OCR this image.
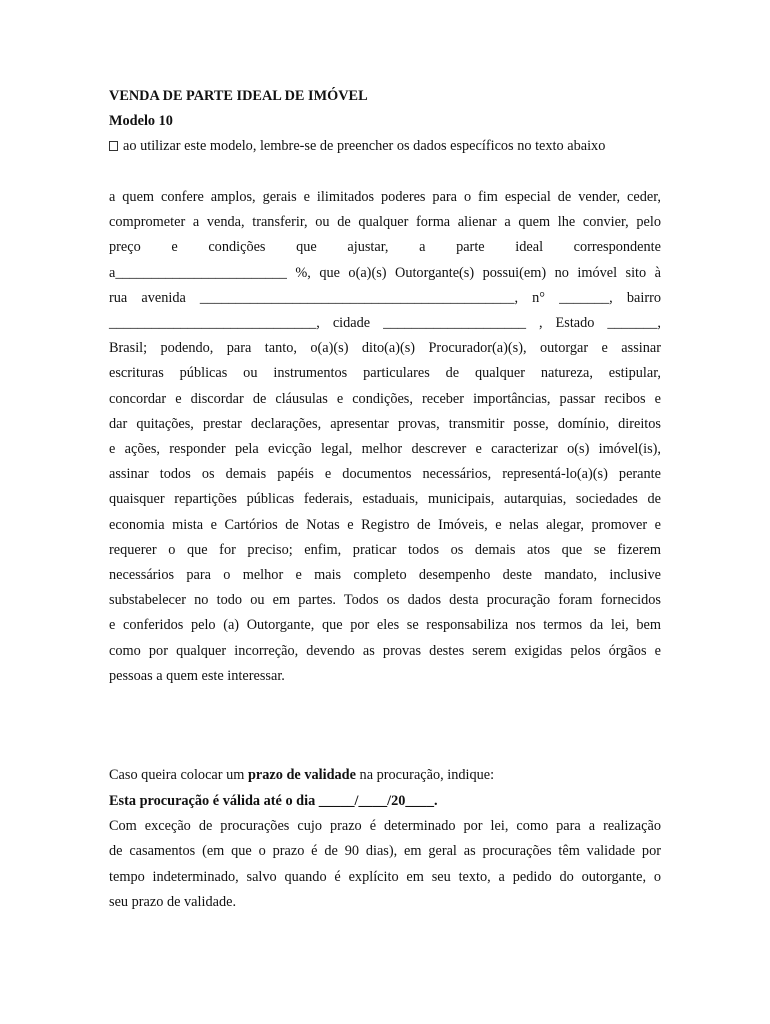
VENDA DE PARTE IDEAL DE IMÓVEL
Modelo 10
ao utilizar este modelo, lembre-se de preencher os dados específicos no texto abaixo
a quem confere amplos, gerais e ilimitados poderes para o fim especial de vender, ceder,
comprometer a venda, transferir, ou de qualquer forma alienar a quem lhe convier, pelo
preço e condições que ajustar, a parte ideal correspondente
a________________________ %, que o(a)(s) Outorgante(s) possui(em) no imóvel sito à
rua avenida ____________________________________________, n° _______, bairro
_____________________________, cidade ____________________ , Estado _______,
Brasil; podendo, para tanto, o(a)(s) dito(a)(s) Procurador(a)(s), outorgar e assinar
escrituras públicas ou instrumentos particulares de qualquer natureza, estipular,
concordar e discordar de cláusulas e condições, receber importâncias, passar recibos e
dar quitações, prestar declarações, apresentar provas, transmitir posse, domínio, direitos
e ações, responder pela evicção legal, melhor descrever e caracterizar o(s) imóvel(is),
assinar todos os demais papéis e documentos necessários, representá-lo(a)(s) perante
quaisquer repartições públicas federais, estaduais, municipais, autarquias, sociedades de
economia mista e Cartórios de Notas e Registro de Imóveis, e nelas alegar, promover e
requerer o que for preciso; enfim, praticar todos os demais atos que se fizerem
necessários para o melhor e mais completo desempenho deste mandato, inclusive
substabelecer no todo ou em partes. Todos os dados desta procuração foram fornecidos
e conferidos pelo (a) Outorgante, que por eles se responsabiliza nos termos da lei, bem
como por qualquer incorreção, devendo as provas destes serem exigidas pelos órgãos e
pessoas a quem este interessar.
Caso queira colocar um prazo de validade na procuração, indique:
Esta procuração é válida até o dia _____/____/20____.
Com exceção de procurações cujo prazo é determinado por lei, como para a realização
de casamentos (em que o prazo é de 90 dias), em geral as procurações têm validade por
tempo indeterminado, salvo quando é explícito em seu texto, a pedido do outorgante, o
seu prazo de validade.
